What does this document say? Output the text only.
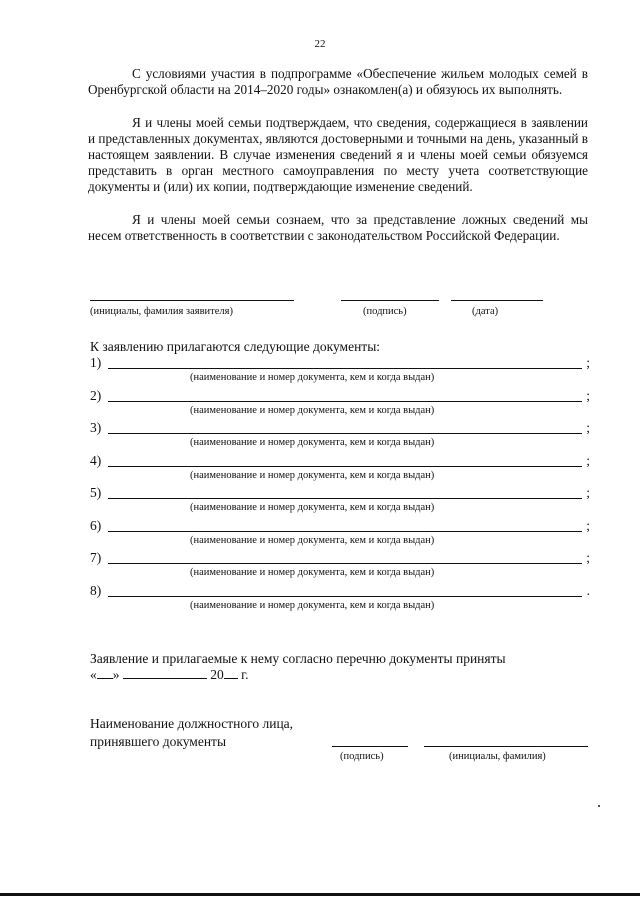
22

С условиями участия в подпрограмме «Обеспечение жильем молодых семей в Оренбургской области на 2014–2020 годы» ознакомлен(а) и обязуюсь их выполнять.

Я и члены моей семьи подтверждаем, что сведения, содержащиеся в заявлении и представленных документах, являются достоверными и точными на день, указанный в настоящем заявлении. В случае изменения сведений я и члены моей семьи обязуемся представить в орган местного самоуправления по месту учета соответствующие документы и (или) их копии, подтверждающие изменение сведений.

Я и члены моей семьи сознаем, что за представление ложных сведений мы несем ответственность в соответствии с законодательством Российской Федерации.

(инициалы, фамилия заявителя)	(подпись)	(дата)
К заявлению прилагаются следующие документы:
1)	;
(наименование и номер документа, кем и когда выдан)
2)	;
(наименование и номер документа, кем и когда выдан)
3)	;
(наименование и номер документа, кем и когда выдан)
4)	;
(наименование и номер документа, кем и когда выдан)
5)	;
(наименование и номер документа, кем и когда выдан)
6)	;
(наименование и номер документа, кем и когда выдан)
7)	;
(наименование и номер документа, кем и когда выдан)
8)	.
(наименование и номер документа, кем и когда выдан)
Заявление и прилагаемые к нему согласно перечню документы приняты
« »	20 г.
Наименование должностного лица,
принявшего документы
(подпись)	(инициалы, фамилия)
